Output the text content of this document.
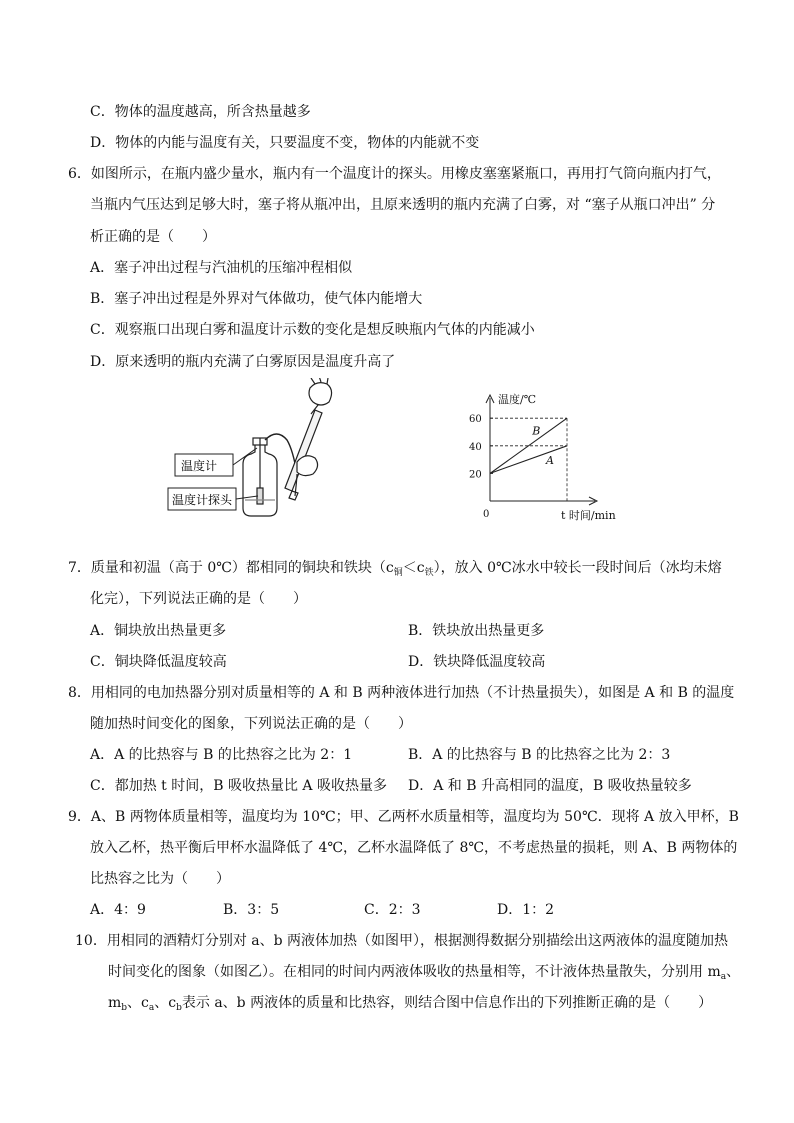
C．物体的温度越高，所含热量越多
D．物体的内能与温度有关，只要温度不变，物体的内能就不变
6．如图所示，在瓶内盛少量水，瓶内有一个温度计的探头。用橡皮塞塞紧瓶口，再用打气筒向瓶内打气，
当瓶内气压达到足够大时，塞子将从瓶冲出，且原来透明的瓶内充满了白雾，对 “塞子从瓶口冲出” 分
析正确的是（　　）
A．塞子冲出过程与汽油机的压缩冲程相似
B．塞子冲出过程是外界对气体做功，使气体内能增大
C．观察瓶口出现白雾和温度计示数的变化是想反映瓶内气体的内能减小
D．原来透明的瓶内充满了白雾原因是温度升高了
温度计
温度计探头
温度/℃
0	t 时间/min
20
40
60
A
B
7．质量和初温（高于 0℃）都相同的铜块和铁块$(c_铜<c_铁)$，放入 0℃冰水中较长一段时间后（冰均未熔
化完），下列说法正确的是（　　）
A．铜块放出热量更多	B．铁块放出热量更多
C．铜块降低温度较高	D．铁块降低温度较高
8．用相同的电加热器分别对质量相等的 A 和 B 两种液体进行加热（不计热量损失），如图是 A 和 B 的温度
随加热时间变化的图象，下列说法正确的是（　　）
A．A 的比热容与 B 的比热容之比为 2：1	B．A 的比热容与 B 的比热容之比为 2：3
C．都加热 t 时间，B 吸收热量比 A 吸收热量多 D．A 和 B 升高相同的温度，B 吸收热量较多
9．A、B 两物体质量相等，温度均为 10℃；甲、乙两杯水质量相等，温度均为 50℃．现将 A 放入甲杯，B
放入乙杯，热平衡后甲杯水温降低了 4℃，乙杯水温降低了 8℃，不考虑热量的损耗，则 A、B 两物体的
比热容之比为（　　）
A．4：9	B．3：5	C．2：3	D．1：2
10．用相同的酒精灯分别对 a、b 两液体加热（如图甲），根据测得数据分别描绘出这两液体的温度随加热
时间变化的图象（如图乙）。在相同的时间内两液体吸收的热量相等，不计液体热量散失，分别用 $m_a$、
$m_b$、$c_a$、$c_b$表示 a、b 两液体的质量和比热容，则结合图中信息作出的下列推断正确的是（　　）
